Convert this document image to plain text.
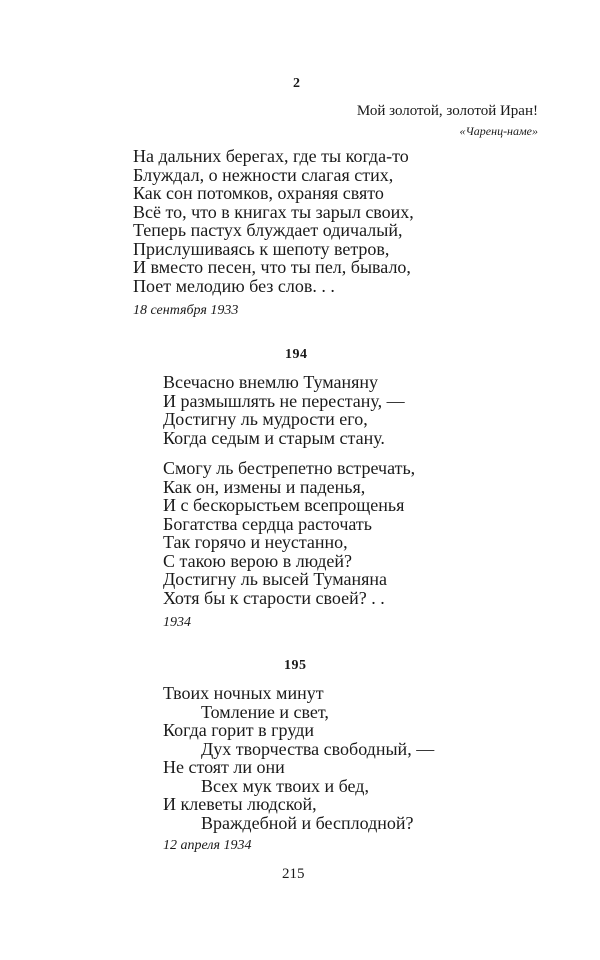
2
Мой золотой, золотой Иран!
«Чаренц-наме»
На дальних берегах, где ты когда-то
Блуждал, о нежности слагая стих,
Как сон потомков, охраняя свято
Всё то, что в книгах ты зарыл своих,
Теперь пастух блуждает одичалый,
Прислушиваясь к шепоту ветров,
И вместо песен, что ты пел, бывало,
Поет мелодию без слов. . .
18 сентября 1933
194
Всечасно внемлю Туманяну
И размышлять не перестану, —
Достигну ль мудрости его,
Когда седым и старым стану.
Смогу ль бестрепетно встречать,
Как он, измены и паденья,
И с бескорыстьем всепрощенья
Богатства сердца расточать
Так горячо и неустанно,
С такою верою в людей?
Достигну ль высей Туманяна
Хотя бы к старости своей? . .
1934
195
Твоих ночных минут
Томление и свет,
Когда горит в груди
Дух творчества свободный, —
Не стоят ли они
Всех мук твоих и бед,
И клеветы людской,
Враждебной и бесплодной?
12 апреля 1934
215
